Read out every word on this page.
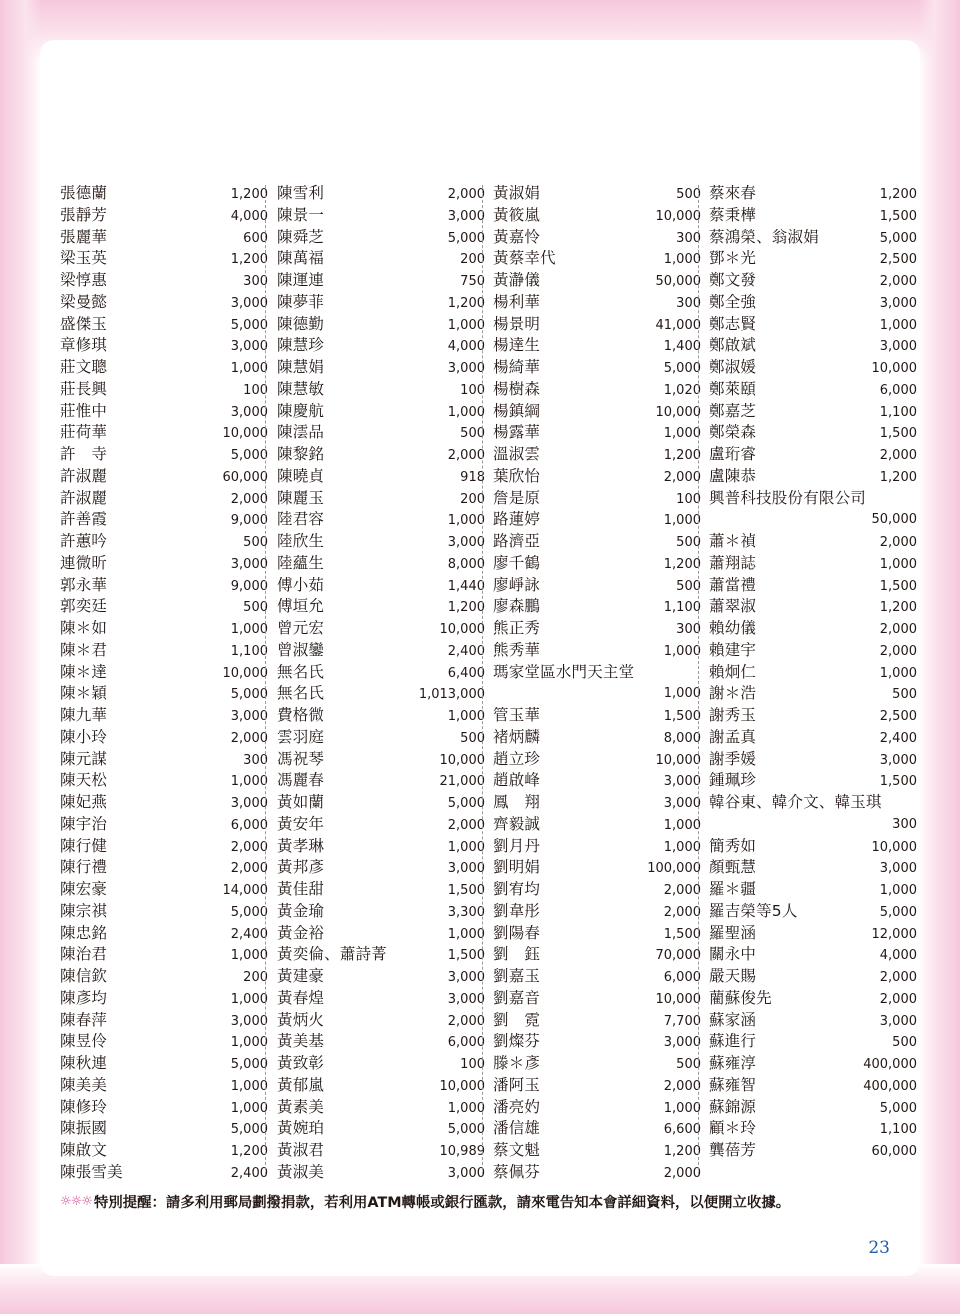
張德蘭	1,200
張靜芳	4,000
張麗華	600
梁玉英	1,200
梁惇惠	300
梁曼懿	3,000
盛傑玉	5,000
章修琪	3,000
莊文聰	1,000
莊長興	100
莊惟中	3,000
莊荷華	10,000
許　寺	5,000
許淑麗	60,000
許淑麗	2,000
許善霞	9,000
許蕙吟	500
連微昕	3,000
郭永華	9,000
郭奕廷	500
陳＊如	1,000
陳＊君	1,100
陳＊達	10,000
陳＊穎	5,000
陳九華	3,000
陳小玲	2,000
陳元謀	300
陳天松	1,000
陳妃燕	3,000
陳宇治	6,000
陳行健	2,000
陳行禮	2,000
陳宏豪	14,000
陳宗祺	5,000
陳忠銘	2,400
陳治君	1,000
陳信欽	200
陳彥均	1,000
陳春萍	3,000
陳昱伶	1,000
陳秋連	5,000
陳美美	1,000
陳修玲	1,000
陳振國	5,000
陳啟文	1,200
陳張雪美	2,400
陳雪利	2,000
陳景一	3,000
陳舜芝	5,000
陳萬福	200
陳運連	750
陳夢菲	1,200
陳德勤	1,000
陳慧珍	4,000
陳慧娟	3,000
陳慧敏	100
陳慶航	1,000
陳澐品	500
陳黎銘	2,000
陳曉貞	918
陳麗玉	200
陸君容	1,000
陸欣生	3,000
陸蘊生	8,000
傅小茹	1,440
傅垣允	1,200
曾元宏	10,000
曾淑鑾	2,400
無名氏	6,400
無名氏	1,013,000
費格微	1,000
雲羽庭	500
馮祝琴	10,000
馮麗春	21,000
黃如蘭	5,000
黃安年	2,000
黃孝琳	1,000
黃邦彥	3,000
黃佳甜	1,500
黃金瑜	3,300
黃金裕	1,000
黃奕倫、蕭詩菁	1,500
黃建豪	3,000
黃春煌	3,000
黃炳火	2,000
黃美基	6,000
黃致彰	100
黃郁嵐	10,000
黃素美	1,000
黃婉珀	5,000
黃淑君	10,989
黃淑美	3,000
黃淑娟	500
黃筱嵐	10,000
黃嘉怜	300
黃蔡幸代	1,000
黃瀞儀	50,000
楊利華	300
楊景明	41,000
楊達生	1,400
楊綺華	5,000
楊樹森	1,020
楊鎮綱	10,000
楊露華	1,000
溫淑雲	1,200
葉欣怡	2,000
詹是原	100
路蓮婷	1,000
路濟亞	500
廖千鶴	1,200
廖崢詠	500
廖森鵬	1,100
熊正秀	300
熊秀華	1,000
瑪家堂區水門天主堂
1,000
管玉華	1,500
褚炳麟	8,000
趙立珍	10,000
趙啟峰	3,000
鳳　翔	3,000
齊毅誠	1,000
劉月丹	1,000
劉明娟	100,000
劉宥均	2,000
劉韋彤	2,000
劉陽春	1,500
劉　鈺	70,000
劉嘉玉	6,000
劉嘉音	10,000
劉　霓	7,700
劉燦芬	3,000
滕＊彥	500
潘阿玉	2,000
潘亮妁	1,000
潘信雄	6,600
蔡文魁	1,200
蔡佩芬	2,000
蔡來春	1,200
蔡秉樺	1,500
蔡鴻榮、翁淑娟	5,000
鄧＊光	2,500
鄭文發	2,000
鄭全強	3,000
鄭志賢	1,000
鄭啟斌	3,000
鄭淑媛	10,000
鄭萊頤	6,000
鄭嘉芝	1,100
鄭榮森	1,500
盧珩睿	2,000
盧陳恭	1,200
興普科技股份有限公司
50,000
蕭＊禎	2,000
蕭翔誌	1,000
蕭當禮	1,500
蕭翠淑	1,200
賴幼儀	2,000
賴建宇	2,000
賴炯仁	1,000
謝＊浩	500
謝秀玉	2,500
謝孟真	2,400
謝季媛	3,000
鍾珮珍	1,500
韓谷東、韓介文、韓玉琪
300
簡秀如	10,000
顏甄慧	3,000
羅＊疆	1,000
羅吉榮等5人	5,000
羅聖涵	12,000
關永中	4,000
嚴天賜	2,000
藺蘇俊先	2,000
蘇家涵	3,000
蘇進行	500
蘇雍淳	400,000
蘇雍智	400,000
蘇錦源	5,000
顧＊玲	1,100
龔蓓芳	60,000
☼☼☼ 特別提醒：請多利用郵局劃撥捐款，若利用ATM轉帳或銀行匯款，請來電告知本會詳細資料，以便開立收據。
23
